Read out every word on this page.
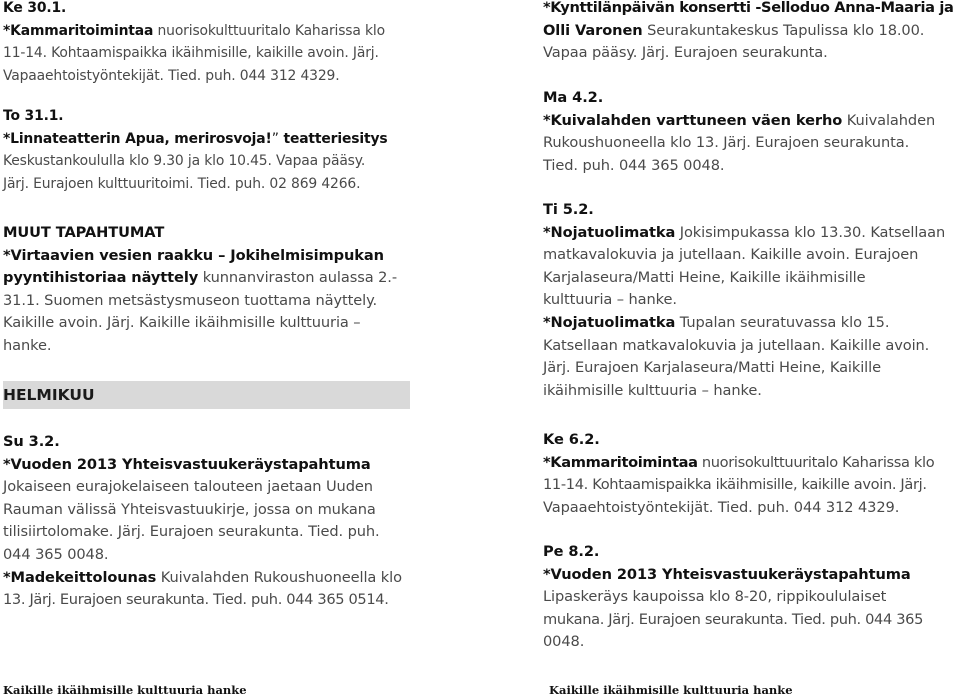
Ke 30.1.
*Kammaritoimintaa nuorisokulttuuritalo Kaharissa klo
11-14. Kohtaamispaikka ikäihmisille, kaikille avoin. Järj.
Vapaaehtoistyöntekijät. Tied. puh. 044 312 4329.
To 31.1.
*Linnateatterin Apua, merirosvoja!” teatteriesitys
Keskustankoululla klo 9.30 ja klo 10.45. Vapaa pääsy.
Järj. Eurajoen kulttuuritoimi. Tied. puh. 02 869 4266.
MUUT TAPAHTUMAT
*Virtaavien vesien raakku – Jokihelmisimpukan
pyyntihistoriaa näyttely kunnanviraston aulassa 2.-
31.1. Suomen metsästysmuseon tuottama näyttely.
Kaikille avoin. Järj. Kaikille ikäihmisille kulttuuria –
hanke.
HELMIKUU
Su 3.2.
*Vuoden 2013 Yhteisvastuukeräystapahtuma
Jokaiseen eurajokelaiseen talouteen jaetaan Uuden
Rauman välissä Yhteisvastuukirje, jossa on mukana
tilisiirtolomake. Järj. Eurajoen seurakunta. Tied. puh.
044 365 0048.
*Madekeittolounas Kuivalahden Rukoushuoneella klo
13. Järj. Eurajoen seurakunta. Tied. puh. 044 365 0514.
Kaikille ikäihmisille kulttuuria hanke
*Kynttilänpäivän konsertti -Selloduo Anna-Maaria ja
Olli Varonen Seurakuntakeskus Tapulissa klo 18.00.
Vapaa pääsy. Järj. Eurajoen seurakunta.
Ma 4.2.
*Kuivalahden varttuneen väen kerho Kuivalahden
Rukoushuoneella klo 13. Järj. Eurajoen seurakunta.
Tied. puh. 044 365 0048.
Ti 5.2.
*Nojatuolimatka Jokisimpukassa klo 13.30. Katsellaan
matkavalokuvia ja jutellaan. Kaikille avoin. Eurajoen
Karjalaseura/Matti Heine, Kaikille ikäihmisille
kulttuuria – hanke.
*Nojatuolimatka Tupalan seuratuvassa klo 15.
Katsellaan matkavalokuvia ja jutellaan. Kaikille avoin.
Järj. Eurajoen Karjalaseura/Matti Heine, Kaikille
ikäihmisille kulttuuria – hanke.
Ke 6.2.
*Kammaritoimintaa nuorisokulttuuritalo Kaharissa klo
11-14. Kohtaamispaikka ikäihmisille, kaikille avoin. Järj.
Vapaaehtoistyöntekijät. Tied. puh. 044 312 4329.
Pe 8.2.
*Vuoden 2013 Yhteisvastuukeräystapahtuma
Lipaskeräys kaupoissa klo 8-20, rippikoululaiset
mukana. Järj. Eurajoen seurakunta. Tied. puh. 044 365
0048.
Kaikille ikäihmisille kulttuuria hanke
